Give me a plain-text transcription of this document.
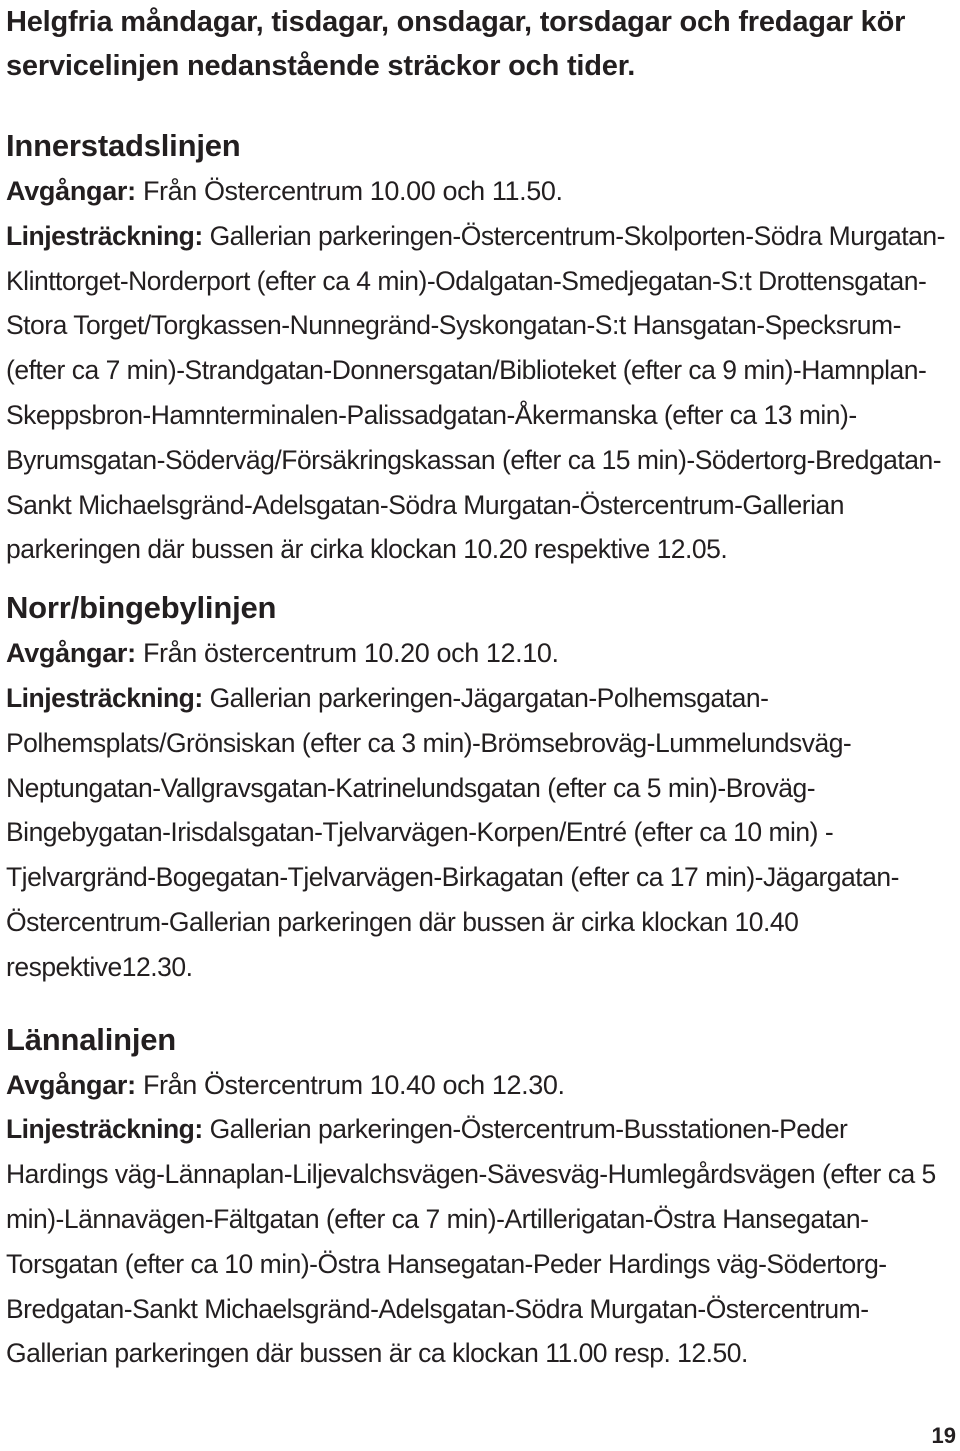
Helgfria måndagar, tisdagar, onsdagar, torsdagar och fredagar kör servicelinjen nedanstående sträckor och tider.

Innerstadslinjen

Avgångar: Från Östercentrum 10.00 och 11.50.

Linjesträckning: Gallerian parkeringen-Östercentrum-Skolporten-Södra Murgatan-Klinttorget-Norderport (efter ca 4 min)-Odalgatan-Smedjegatan-S:t Drottensgatan-Stora Torget/Torgkassen-Nunnegränd-Syskongatan-S:t Hansgatan-Specksrum-(efter ca 7 min)-Strandgatan-Donnersgatan/Biblioteket (efter ca 9 min)-Hamnplan-Skeppsbron-Hamnterminalen-Palissadgatan-Åkermanska (efter ca 13 min)-Byrumsgatan-Söderväg/Försäkringskassan (efter ca 15 min)-Södertorg-Bredgatan-Sankt Michaelsgränd-Adelsgatan-Södra Murgatan-Östercentrum-Gallerian parkeringen där bussen är cirka klockan 10.20 respektive 12.05.

Norr/bingebylinjen

Avgångar: Från östercentrum 10.20 och 12.10.

Linjesträckning: Gallerian parkeringen-Jägargatan-Polhemsgatan-Polhemsplats/Grönsiskan (efter ca 3 min)-Brömsebroväg-Lummelundsväg-Neptungatan-Vallgravsgatan-Katrinelundsgatan (efter ca 5 min)-Broväg-Bingebygatan-Irisdalsgatan-Tjelvarvägen-Korpen/Entré (efter ca 10 min) -Tjelvargränd-Bogegatan-Tjelvarvägen-Birkagatan (efter ca 17 min)-Jägargatan-Östercentrum-Gallerian parkeringen där bussen är cirka klockan 10.40 respektive12.30.

Lännalinjen

Avgångar: Från Östercentrum 10.40 och 12.30.

Linjesträckning: Gallerian parkeringen-Östercentrum-Busstationen-Peder Hardings väg-Lännaplan-Liljevalchsvägen-Sävesväg-Humlegårdsvägen (efter ca 5 min)-Lännavägen-Fältgatan (efter ca 7 min)-Artillerigatan-Östra Hansegatan-Torsgatan (efter ca 10 min)-Östra Hansegatan-Peder Hardings väg-Södertorg-Bredgatan-Sankt Michaelsgränd-Adelsgatan-Södra Murgatan-Östercentrum-Gallerian parkeringen där bussen är ca klockan 11.00 resp. 12.50.

19
